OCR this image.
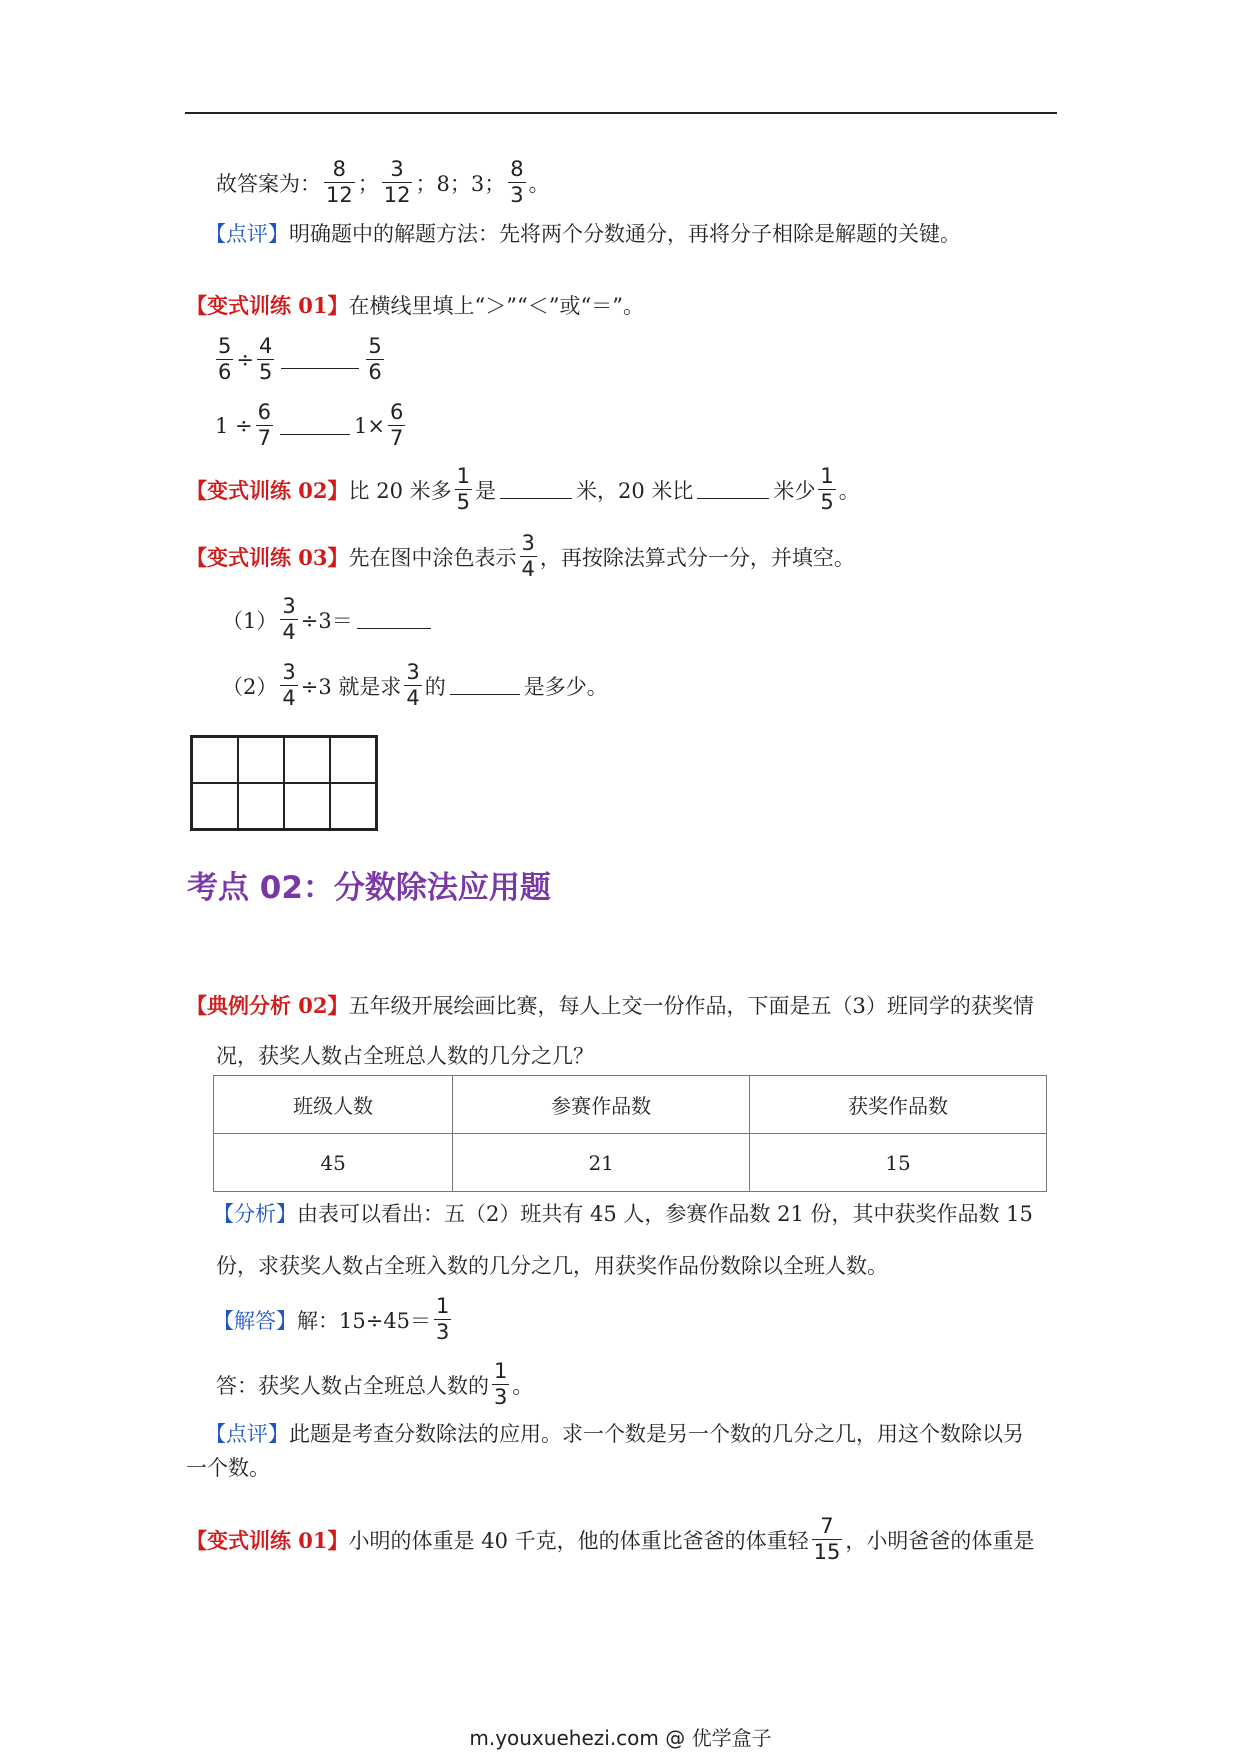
故答案为： $\frac{8}{12}$ ； $\frac{3}{12}$ ；8；3； $\frac{8}{3}$ 。
【点评】 明确题中的解题方法：先将两个分数通分，再将分子相除是解题的关键。
【变式训练 01】 在横线里填上“＞”“＜”或“＝”。
$\frac{5}{6} \div \frac{4}{5}$	$\frac{5}{6}$
$1 \div \frac{6}{7}$	$1\times \frac{6}{7}$
【变式训练 02】 比 20 米多 $\frac{1}{5}$ 是	米，20 米比	米少 $\frac{1}{5}$ 。
【变式训练 03】 先在图中涂色表示 $\frac{3}{4}$ ，再按除法算式分一分，并填空。
$(1) \frac{3}{4} \div 3=$
$(2) \frac{3}{4} \div 3$ 就是求 $\frac{3}{4}$ 的	是多少。

考点 02：分数除法应用题
【典例分析 02】 五年级开展绘画比赛，每人上交一份作品，下面是五（3）班同学的获奖情
况，获奖人数占全班总人数的几分之几？
班级人数	参赛作品数	获奖作品数
45	21	15
【分析】 由表可以看出：五（2）班共有 45 人，参赛作品数 21 份，其中获奖作品数 15
份，求获奖人数占全班入数的几分之几，用获奖作品份数除以全班人数。
【解答】 解：$15\div 45= \frac{1}{3}$
答：获奖人数占全班总人数的 $\frac{1}{3}$ 。
【点评】 此题是考查分数除法的应用。求一个数是另一个数的几分之几，用这个数除以另
一个数。
【变式训练 01】 小明的体重是 40 千克，他的体重比爸爸的体重轻 $\frac{7}{15}$ ，小明爸爸的体重是
m.youxuehezi.com @ 优学盒子
